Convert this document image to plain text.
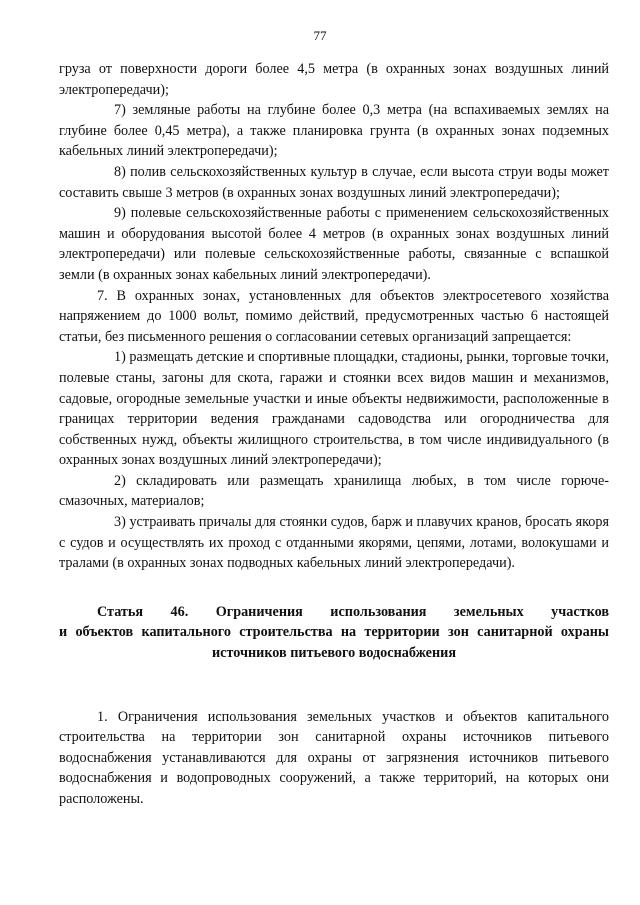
77

груза от поверхности дороги более 4,5 метра (в охранных зонах воздушных линий электропередачи);

7) земляные работы на глубине более 0,3 метра (на вспахиваемых землях на глубине более 0,45 метра), а также планировка грунта (в охранных зонах подземных кабельных линий электропередачи);

8) полив сельскохозяйственных культур в случае, если высота струи воды может составить свыше 3 метров (в охранных зонах воздушных линий электропередачи);

9) полевые сельскохозяйственные работы с применением сельскохозяйственных машин и оборудования высотой более 4 метров (в охранных зонах воздушных линий электропередачи) или полевые сельскохозяйственные работы, связанные с вспашкой земли (в охранных зонах кабельных линий электропередачи).

7. В охранных зонах, установленных для объектов электросетевого хозяйства напряжением до 1000 вольт, помимо действий, предусмотренных частью 6 настоящей статьи, без письменного решения о согласовании сетевых организаций запрещается:

1) размещать детские и спортивные площадки, стадионы, рынки, торговые точки, полевые станы, загоны для скота, гаражи и стоянки всех видов машин и механизмов, садовые, огородные земельные участки и иные объекты недвижимости, расположенные в границах территории ведения гражданами садоводства или огородничества для собственных нужд, объекты жилищного строительства, в том числе индивидуального (в охранных зонах воздушных линий электропередачи);

2) складировать или размещать хранилища любых, в том числе горюче-смазочных, материалов;

3) устраивать причалы для стоянки судов, барж и плавучих кранов, бросать якоря с судов и осуществлять их проход с отданными якорями, цепями, лотами, волокушами и тралами (в охранных зонах подводных кабельных линий электропередачи).

Статья 46. Ограничения использования земельных участков
и объектов капитального строительства на территории зон санитарной охраны источников питьевого водоснабжения

1. Ограничения использования земельных участков и объектов капитального строительства на территории зон санитарной охраны источников питьевого водоснабжения устанавливаются для охраны от загрязнения источников питьевого водоснабжения и водопроводных сооружений, а также территорий, на которых они расположены.
